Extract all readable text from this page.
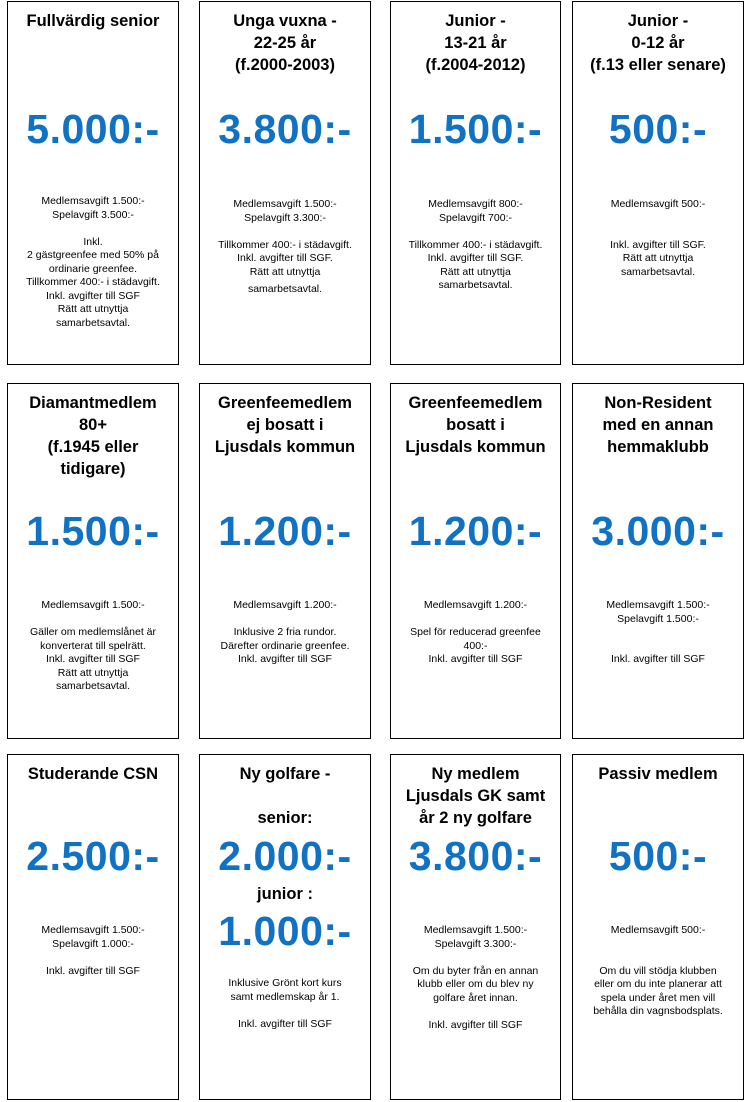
Fullvärdig senior
5.000:-

Medlemsavgift 1.500:-

Spelavgift 3.500:-

Inkl.

2 gästgreenfee med 50% på

ordinarie greenfee.

Tillkommer 400:- i städavgift.

Inkl. avgifter till SGF

Rätt att utnyttja

samarbetsavtal.

Unga vuxna -
22-25 år
(f.2000-2003)
3.800:-

Medlemsavgift 1.500:-

Spelavgift 3.300:-

Tillkommer 400:- i städavgift.

Inkl. avgifter till SGF.

Rätt att utnyttja

samarbetsavtal.

Junior -
13-21 år
(f.2004-2012)
1.500:-

Medlemsavgift 800:-

Spelavgift 700:-

Tillkommer 400:- i städavgift.

Inkl. avgifter till SGF.

Rätt att utnyttja

samarbetsavtal.

Junior -
0-12 år
(f.13 eller senare)
500:-

Medlemsavgift 500:-

Inkl. avgifter till SGF.

Rätt att utnyttja

samarbetsavtal.

Diamantmedlem
80+
(f.1945 eller
tidigare)
1.500:-

Medlemsavgift 1.500:-

Gäller om medlemslånet är

konverterat till spelrätt.

Inkl. avgifter till SGF

Rätt att utnyttja

samarbetsavtal.

Greenfeemedlem
ej bosatt i
Ljusdals kommun
1.200:-

Medlemsavgift 1.200:-

Inklusive 2 fria rundor.

Därefter ordinarie greenfee.

Inkl. avgifter till SGF

Greenfeemedlem
bosatt i
Ljusdals kommun
1.200:-

Medlemsavgift 1.200:-

Spel för reducerad greenfee

400:-

Inkl. avgifter till SGF

Non-Resident
med en annan
hemmaklubb
3.000:-

Medlemsavgift 1.500:-

Spelavgift 1.500:-

Inkl. avgifter till SGF

Studerande CSN
2.500:-

Medlemsavgift 1.500:-

Spelavgift 1.000:-

Inkl. avgifter till SGF

Ny golfare -
senior:
2.000:-
junior :
1.000:-

Inklusive Grönt kort kurs

samt medlemskap år 1.

Inkl. avgifter till SGF

Ny medlem
Ljusdals GK samt
år 2 ny golfare
3.800:-

Medlemsavgift 1.500:-

Spelavgift 3.300:-

Om du byter från en annan

klubb eller om du blev ny

golfare året innan.

Inkl. avgifter till SGF

Passiv medlem
500:-

Medlemsavgift 500:-

Om du vill stödja klubben

eller om du inte planerar att

spela under året men vill

behålla din vagnsbodsplats.
